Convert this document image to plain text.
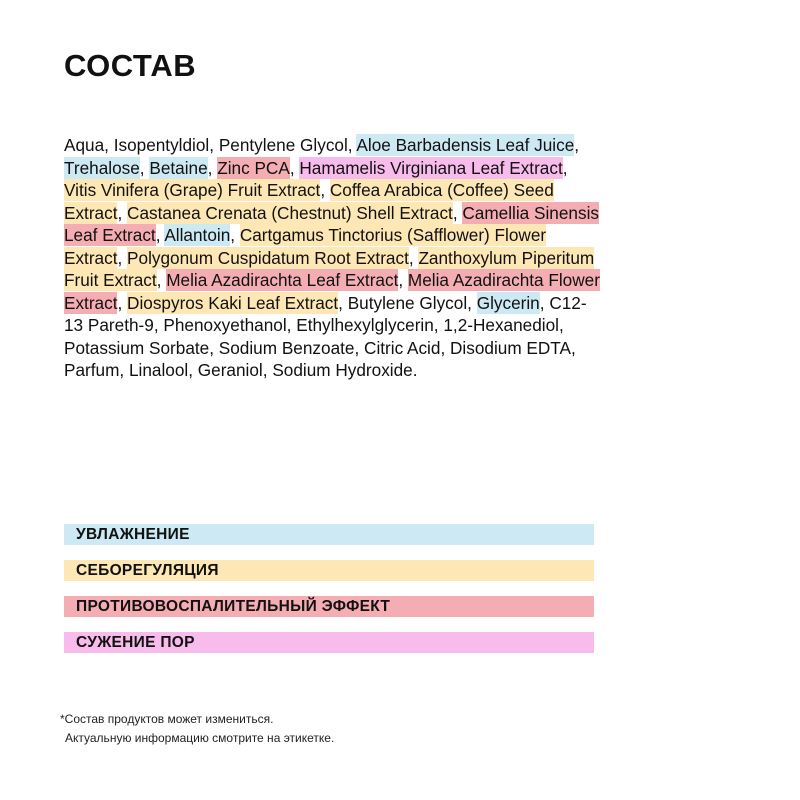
СОСТАВ

Aqua, Isopentyldiol, Pentylene Glycol, Aloe Barbadensis Leaf Juice, Trehalose, Betaine, Zinc PCA, Hamamelis Virginiana Leaf Extract, Vitis Vinifera (Grape) Fruit Extract, Coffea Arabica (Coffee) Seed Extract, Castanea Crenata (Chestnut) Shell Extract, Camellia Sinensis Leaf Extract, Allantoin, Cartgamus Tinctorius (Safflower) Flower Extract, Polygonum Cuspidatum Root Extract, Zanthoxylum Piperitum Fruit Extract, Melia Azadirachta Leaf Extract, Melia Azadirachta Flower Extract, Diospyros Kaki Leaf Extract, Butylene Glycol, Glycerin, C12-13 Pareth-9, Phenoxyethanol, Ethylhexylglycerin, 1,2-Hexanediol, Potassium Sorbate, Sodium Benzoate, Citric Acid, Disodium EDTA, Parfum, Linalool, Geraniol, Sodium Hydroxide.

УВЛАЖНЕНИЕ
СЕБОРЕГУЛЯЦИЯ
ПРОТИВОВОСПАЛИТЕЛЬНЫЙ ЭФФЕКТ
СУЖЕНИЕ ПОР
*Состав продуктов может измениться.
Актуальную информацию смотрите на этикетке.
